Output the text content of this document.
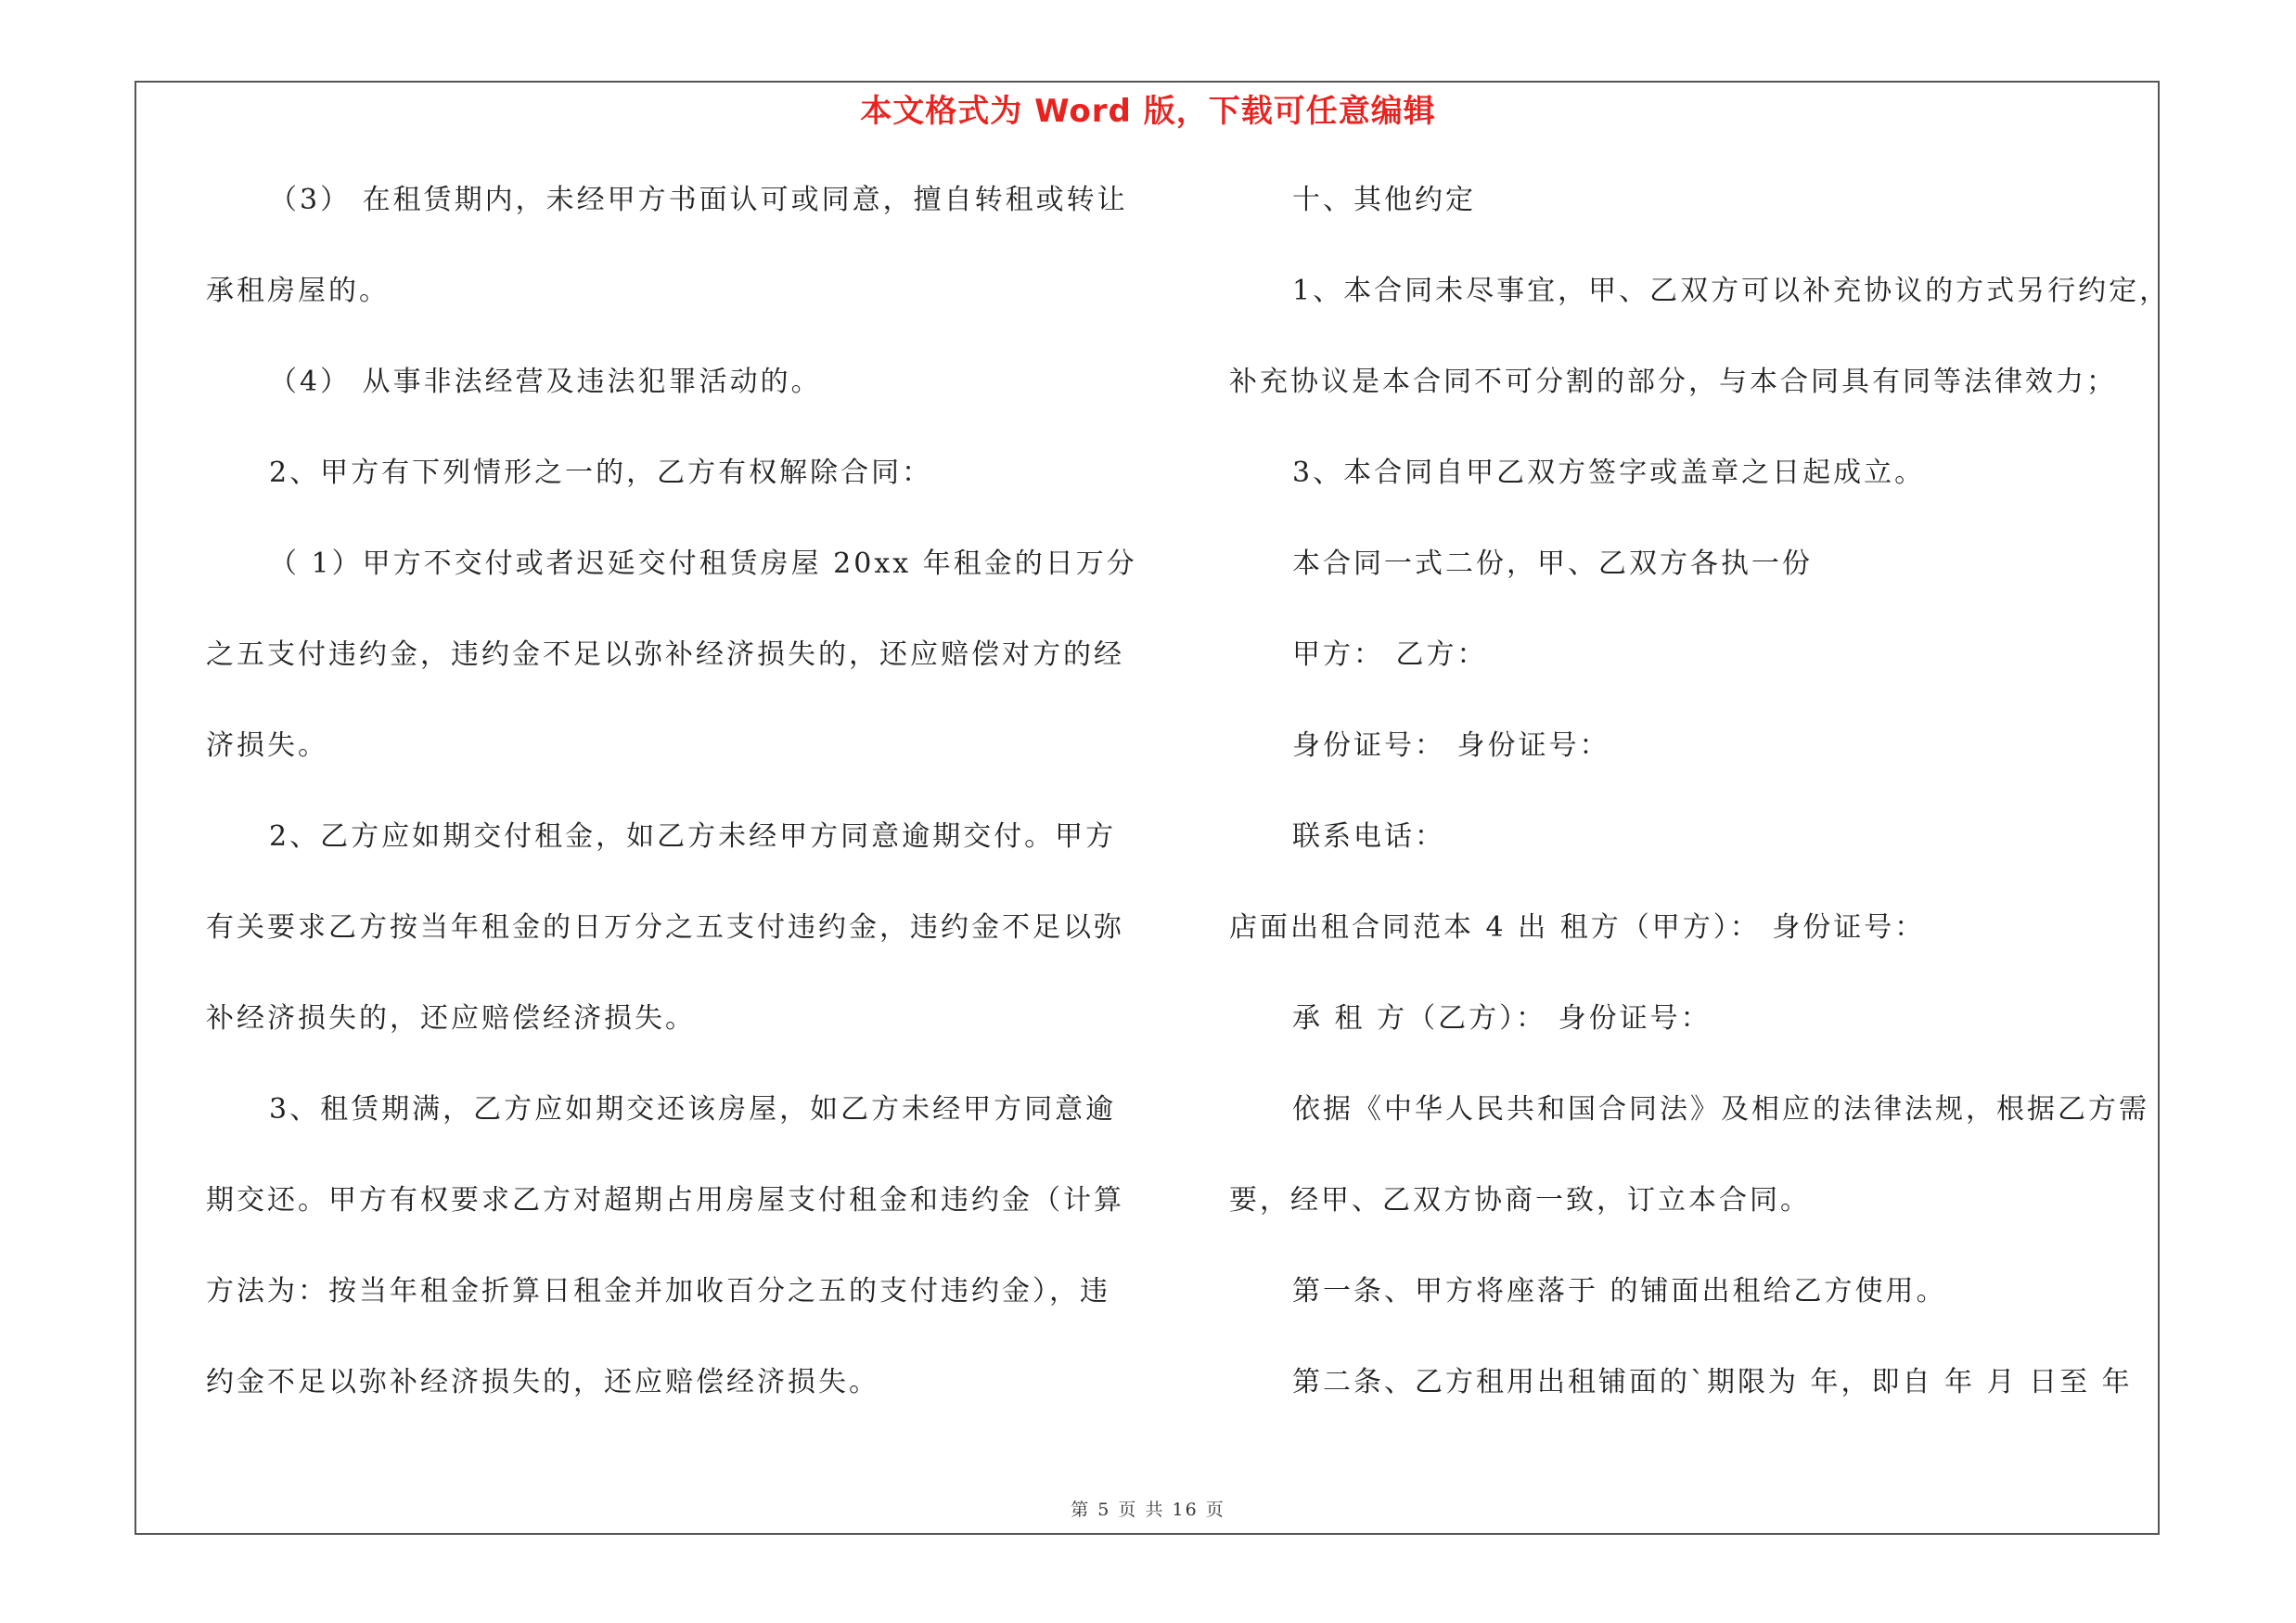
本文格式为 Word 版，下载可任意编辑
（3） 在租赁期内，未经甲方书面认可或同意，擅自转租或转让
承租房屋的。
（4） 从事非法经营及违法犯罪活动的。
2、甲方有下列情形之一的，乙方有权解除合同：
（ 1）甲方不交付或者迟延交付租赁房屋 20xx 年租金的日万分
之五支付违约金，违约金不足以弥补经济损失的，还应赔偿对方的经
济损失。
2、乙方应如期交付租金，如乙方未经甲方同意逾期交付。甲方
有关要求乙方按当年租金的日万分之五支付违约金，违约金不足以弥
补经济损失的，还应赔偿经济损失。
3、租赁期满，乙方应如期交还该房屋，如乙方未经甲方同意逾
期交还。甲方有权要求乙方对超期占用房屋支付租金和违约金（计算
方法为：按当年租金折算日租金并加收百分之五的支付违约金），违
约金不足以弥补经济损失的，还应赔偿经济损失。
十、其他约定
1、本合同未尽事宜，甲、乙双方可以补充协议的方式另行约定，
补充协议是本合同不可分割的部分，与本合同具有同等法律效力；
3、本合同自甲乙双方签字或盖章之日起成立。
本合同一式二份，甲、乙双方各执一份
甲方： 乙方：
身份证号： 身份证号：
联系电话：
店面出租合同范本 4 出 租方（甲方）： 身份证号：
承 租 方（乙方）： 身份证号：
依据《中华人民共和国合同法》及相应的法律法规，根据乙方需
要，经甲、乙双方协商一致，订立本合同。
第一条、甲方将座落于 的铺面出租给乙方使用。
第二条、乙方租用出租铺面的`期限为 年，即自 年 月 日至 年
第 5 页 共 16 页
